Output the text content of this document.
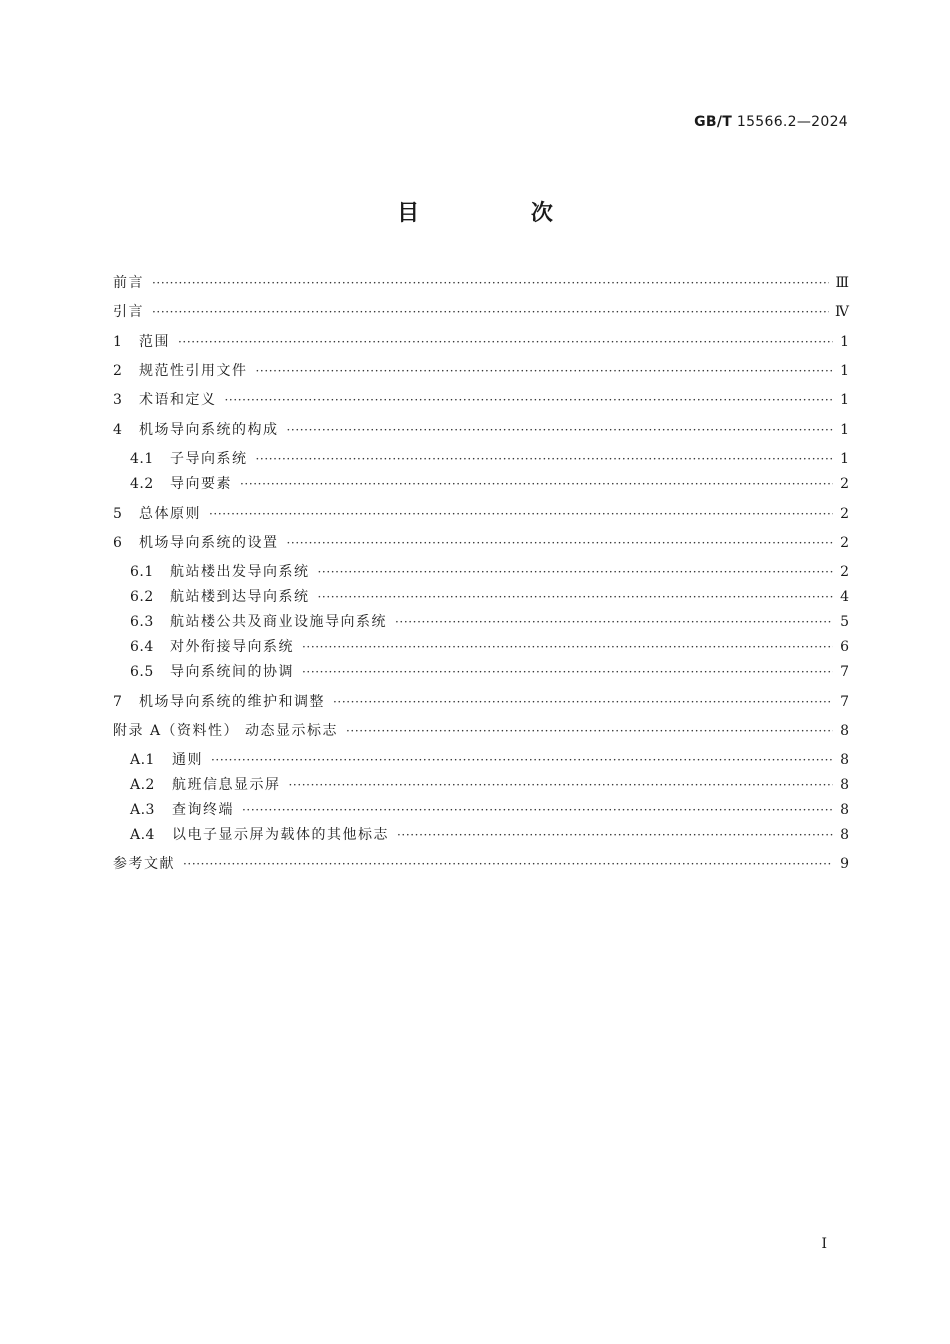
GB/T 15566.2—2024
目 次
前言 ·····	Ⅲ
引言 ·····	Ⅳ
1	范围 ·····	1
2	规范性引用文件 ·····	1
3	术语和定义 ·····	1
4	机场导向系统的构成 ·····	1
4.1	子导向系统 ·····	1
4.2	导向要素 ·····	2
5	总体原则 ·····	2
6	机场导向系统的设置 ·····	2
6.1	航站楼出发导向系统 ·····	2
6.2	航站楼到达导向系统 ·····	4
6.3	航站楼公共及商业设施导向系统 ·····	5
6.4	对外衔接导向系统 ·····	6
6.5	导向系统间的协调 ·····	7
7	机场导向系统的维护和调整 ·····	7
附录 A（资料性） 动态显示标志 ·····	8
A.1	通则 ·····	8
A.2	航班信息显示屏 ·····	8
A.3	查询终端 ·····	8
A.4	以电子显示屏为载体的其他标志 ·····	8
参考文献 ·····	9
Ⅰ
